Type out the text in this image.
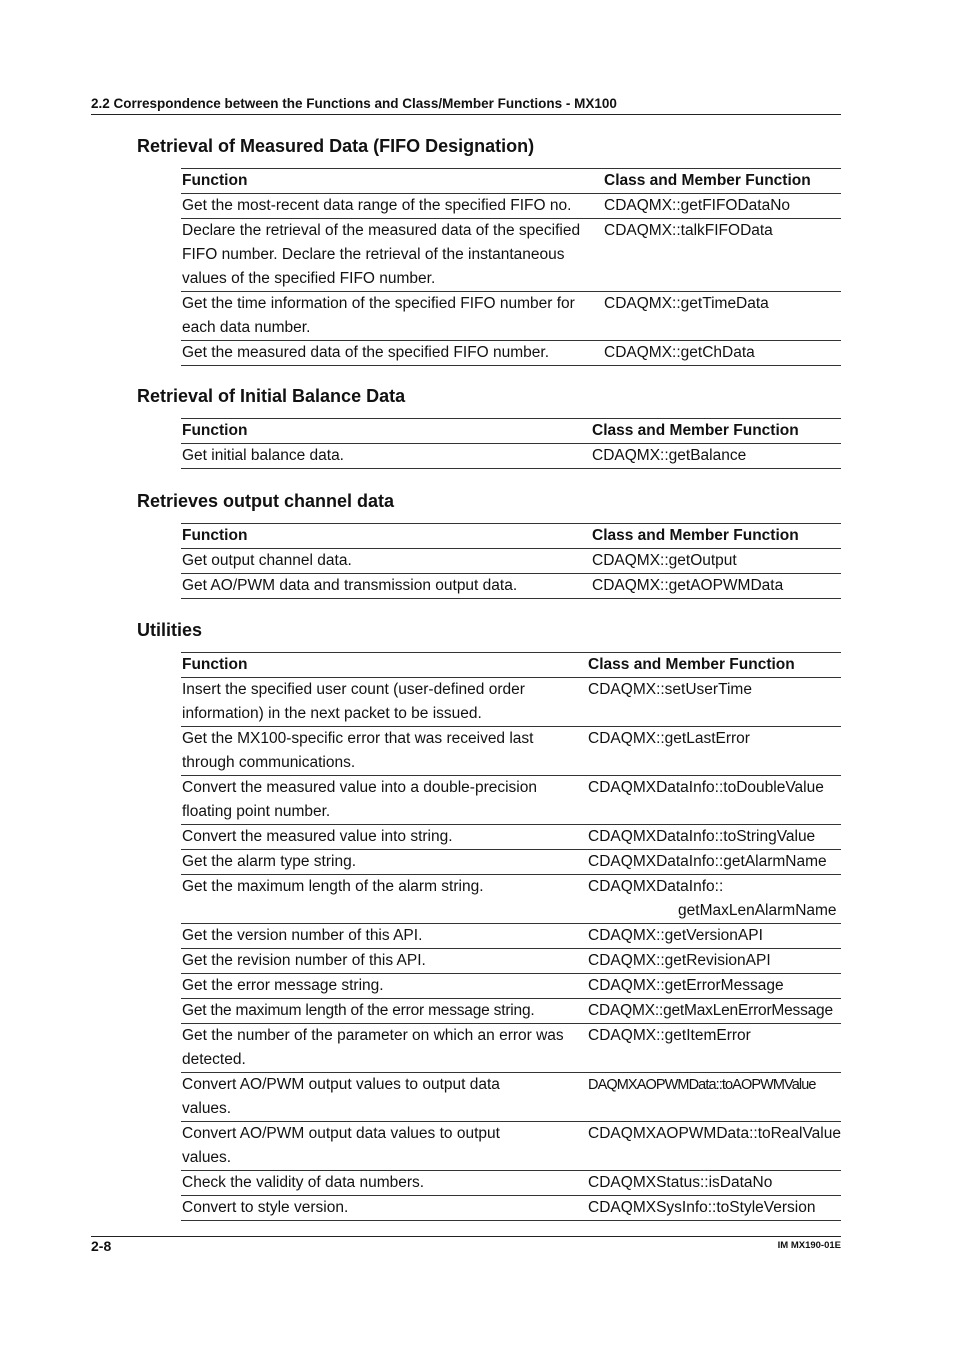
2.2 Correspondence between the Functions and Class/Member Functions - MX100
Retrieval of Measured Data (FIFO Designation)
Function	Class and Member Function
Get the most-recent data range of the specified FIFO no.	CDAQMX::getFIFODataNo
Declare the retrieval of the measured data of the specified FIFO number. Declare the retrieval of the instantaneous values of the specified FIFO number.	CDAQMX::talkFIFOData
Get the time information of the specified FIFO number for each data number.	CDAQMX::getTimeData
Get the measured data of the specified FIFO number.	CDAQMX::getChData
Retrieval of Initial Balance Data
Function	Class and Member Function
Get initial balance data.	CDAQMX::getBalance
Retrieves output channel data
Function	Class and Member Function
Get output channel data.	CDAQMX::getOutput
Get AO/PWM data and transmission output data.	CDAQMX::getAOPWMData
Utilities
Function	Class and Member Function
Insert the specified user count (user-defined order information) in the next packet to be issued.	CDAQMX::setUserTime
Get the MX100-specific error that was received last through communications.	CDAQMX::getLastError
Convert the measured value into a double-precision floating point number.	CDAQMXDataInfo::toDoubleValue
Convert the measured value into string.	CDAQMXDataInfo::toStringValue
Get the alarm type string.	CDAQMXDataInfo::getAlarmName
Get the maximum length of the alarm string.	CDAQMXDataInfo::
getMaxLenAlarmName

Get the version number of this API.	CDAQMX::getVersionAPI
Get the revision number of this API.	CDAQMX::getRevisionAPI
Get the error message string.	CDAQMX::getErrorMessage
Get the maximum length of the error message string.	CDAQMX::getMaxLenErrorMessage
Get the number of the parameter on which an error was detected.	CDAQMX::getItemError
Convert AO/PWM output values to output data values.	DAQMXAOPWMData::toAOPWMValue
Convert AO/PWM output data values to output values.	CDAQMXAOPWMData::toRealValue
Check the validity of data numbers.	CDAQMXStatus::isDataNo
Convert to style version.	CDAQMXSysInfo::toStyleVersion
2-8	IM MX190-01E
